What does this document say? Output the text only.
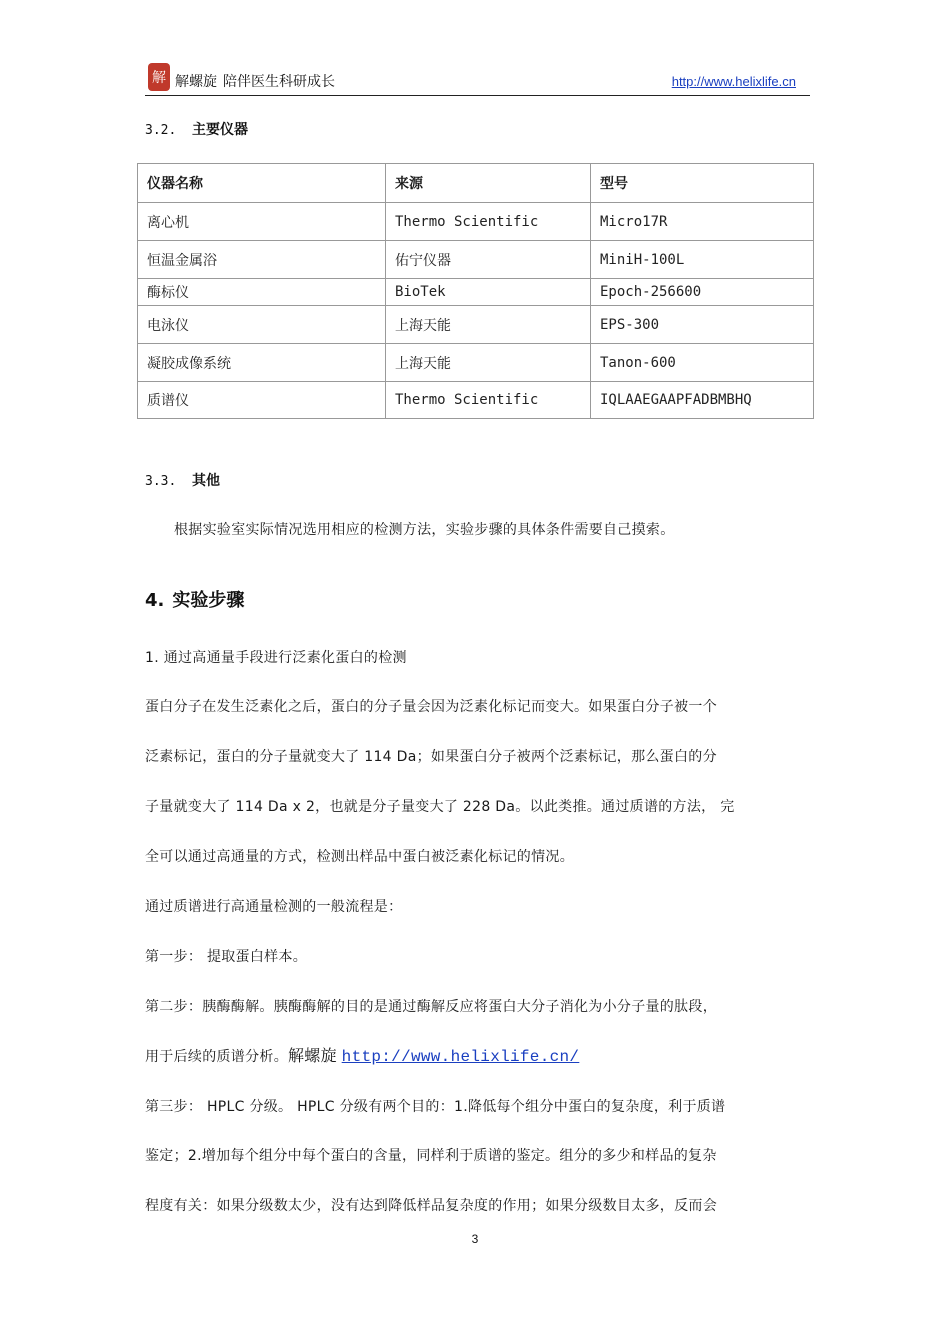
解 解螺旋 陪伴医生科研成长	http://www.helixlife.cn
3.2. 主要仪器
仪器名称	来源	型号
离心机	Thermo Scientific	Micro17R
恒温金属浴	佑宁仪器	MiniH-100L
酶标仪	BioTek	Epoch-256600
电泳仪	上海天能	EPS-300
凝胶成像系统	上海天能	Tanon-600
质谱仪	Thermo Scientific	IQLAAEGAAPFADBMBHQ
3.3. 其他
根据实验室实际情况选用相应的检测方法，实验步骤的具体条件需要自己摸索。
4. 实验步骤
1. 通过高通量手段进行泛素化蛋白的检测
蛋白分子在发生泛素化之后，蛋白的分子量会因为泛素化标记而变大。如果蛋白分子被一个
泛素标记，蛋白的分子量就变大了 114 Da；如果蛋白分子被两个泛素标记，那么蛋白的分
子量就变大了 114 Da x 2，也就是分子量变大了 228 Da。以此类推。通过质谱的方法， 完
全可以通过高通量的方式，检测出样品中蛋白被泛素化标记的情况。
通过质谱进行高通量检测的一般流程是：
第一步： 提取蛋白样本。
第二步：胰酶酶解。胰酶酶解的目的是通过酶解反应将蛋白大分子消化为小分子量的肽段，
用于后续的质谱分析。解螺旋 http://www.helixlife.cn/
第三步： HPLC 分级。 HPLC 分级有两个目的：1.降低每个组分中蛋白的复杂度，利于质谱
鉴定；2.增加每个组分中每个蛋白的含量，同样利于质谱的鉴定。组分的多少和样品的复杂
程度有关：如果分级数太少，没有达到降低样品复杂度的作用；如果分级数目太多，反而会
3
